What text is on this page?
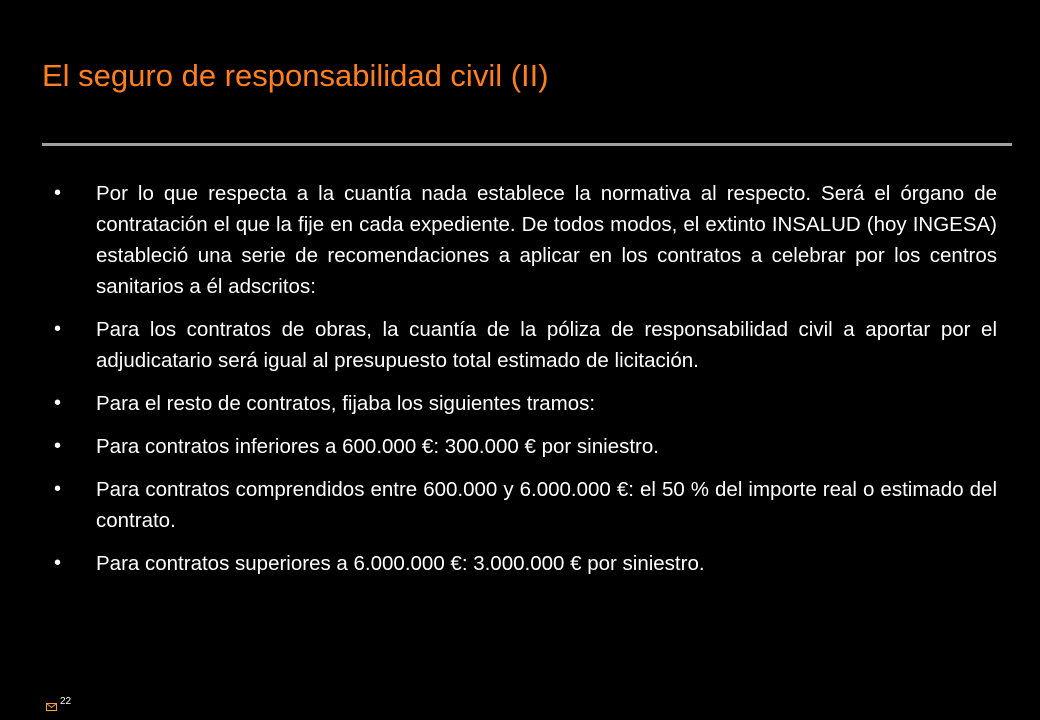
El seguro de responsabilidad civil (II)
•	Por lo que respecta a la cuantía nada establece la normativa al respecto. Será el órgano de contratación el que la fije en cada expediente. De todos modos, el extinto INSALUD (hoy INGESA) estableció una serie de recomendaciones a aplicar en los contratos a celebrar por los centros sanitarios a él adscritos:
•	Para los contratos de obras, la cuantía de la póliza de responsabilidad civil a aportar por el adjudicatario será igual al presupuesto total estimado de licitación.
•	Para el resto de contratos, fijaba los siguientes tramos:
•	Para contratos inferiores a 600.000 €: 300.000 € por siniestro.
•	Para contratos comprendidos entre 600.000 y 6.000.000 €: el 50 % del importe real o estimado del contrato.
•	Para contratos superiores a 6.000.000 €: 3.000.000 € por siniestro.
22
